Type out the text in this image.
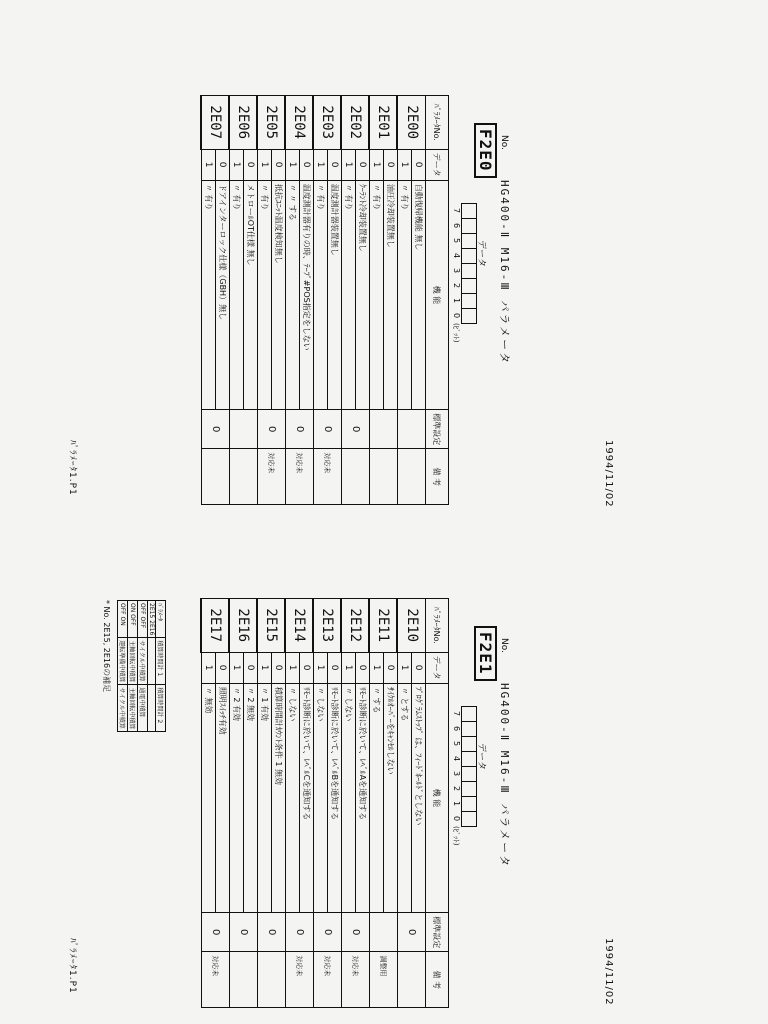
1994/11/02
ﾊﾟﾗﾒｰﾀ1.P1
No.
F2E0
HG400-Ⅱ M16-Ⅲ パラメータ
データ
7
6
5
4
3
2
1
0
(ﾋﾞｯﾄ)
ﾊﾟﾗﾒｰﾀNo.	データ	機 能	標準設定	備 考
2E00	0	自動復帰機能 無し		
	1	〃 有り		
2E01	0	油圧冷却装置無し		
	1	〃 有り		
2E02	0	ｸｰﾗﾝﾄ冷却装置無し	0	
	1	〃 有り		
2E03	0	温度測計器装置無し	0	対応未
	1	〃 有り		
2E04	0	温度測計器有りの時、ﾃｰﾌﾟ#POS指定をしない	0	対応未
	1	〃 〃 する		
2E05	0	抵抗ﾕﾆｯﾄ温度検知無し	0	対応未
	1	〃 有り		
2E06	0	メトローﾙOT仕様 無し		
	1	〃 有り		
2E07	0	ドアインターロック仕様（GBH）無し	0	
	1	〃 有り		
1994/11/02
ﾊﾟﾗﾒｰﾀ1.P1
No.
F2E1
HG400-Ⅱ M16-Ⅲ パラメータ
データ
7
6
5
4
3
2
1
0
(ﾋﾞｯﾄ)
ﾊﾟﾗﾒｰﾀNo.	データ	機 能	標準設定	備 考
2E10	0	ﾌﾟﾛｸﾞﾗﾑｽﾄｯﾌﾟ は、ﾌｨｰﾄﾞﾎｰﾙﾄﾞとしない	0	
	1	〃 とする		
2E11	0	ｻｲｸﾙｵｰﾊﾞｰをｷｬﾝｾﾙしない		調整用
	1	〃 する		
2E12	0	ﾘﾓｰﾄ診断に於いて、ﾚﾍﾞﾙAを通知する	0	対応未
	1	〃 しない		
2E13	0	ﾘﾓｰﾄ診断に於いて、ﾚﾍﾞﾙBを通知する	0	対応未
	1	〃 しない		
2E14	0	ﾘﾓｰﾄ診断に於いて、ﾚﾍﾞﾙCを通知する	0	対応未
	1	〃 しない		
2E15	0	積算時間計ｶｳﾝﾄ条件 1 無効	0	
	1	〃 1 有効		
2E16	0	〃 2 無効	0	
	1	〃 2 有効		
2E17	0	照明ｽｲｯﾁ有効	0	対応未
	1	〃 無効		
* No. 2E15, 2E16の補足	ﾊﾟﾗﾒｰﾀ	積算時間計 1	積算時間計 2
2E15 2E16		
OFF OFF	サイクル中積算	通電中積算
ON OFF	主軸回転中積算	主軸回転中積算
OFF ON	運転準備中積算	サイクル中積算
